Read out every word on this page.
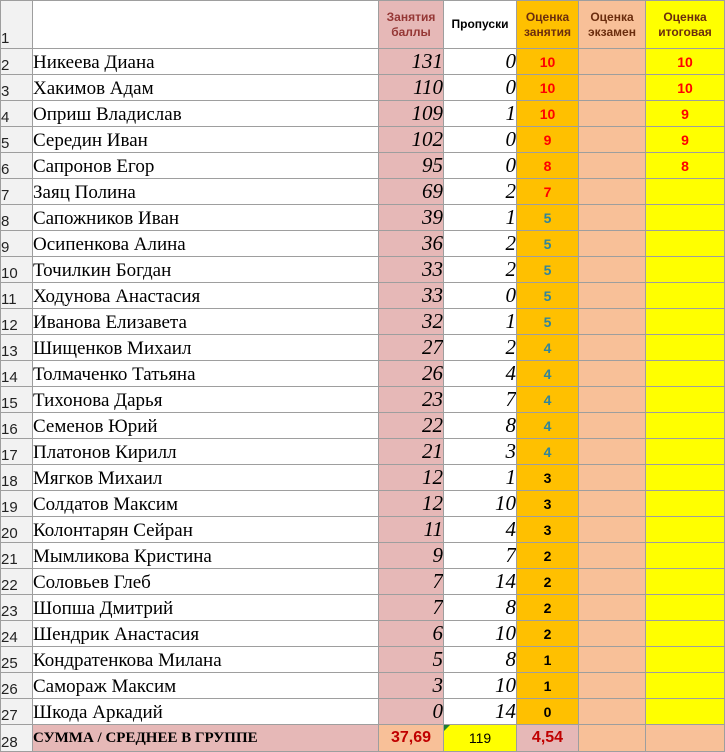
1		Занятия баллы	Пропуски	Оценка занятия	Оценка экзамен	Оценка итоговая
2	Никеева Диана	131	0	10		10
3	Хакимов Адам	110	0	10		10
4	Оприш Владислав	109	1	10		9
5	Середин Иван	102	0	9		9
6	Сапронов Егор	95	0	8		8
7	Заяц Полина	69	2	7		
8	Сапожников Иван	39	1	5		
9	Осипенкова Алина	36	2	5		
10	Точилкин Богдан	33	2	5		
11	Ходунова Анастасия	33	0	5		
12	Иванова Елизавета	32	1	5		
13	Шищенков Михаил	27	2	4		
14	Толмаченко Татьяна	26	4	4		
15	Тихонова Дарья	23	7	4		
16	Семенов Юрий	22	8	4		
17	Платонов Кирилл	21	3	4		
18	Мягков Михаил	12	1	3		
19	Солдатов Максим	12	10	3		
20	Колонтарян Сейран	11	4	3		
21	Мымликова Кристина	9	7	2		
22	Соловьев Глеб	7	14	2		
23	Шопша Дмитрий	7	8	2		
24	Шендрик Анастасия	6	10	2		
25	Кондратенкова Милана	5	8	1		
26	Самораж Максим	3	10	1		
27	Шкода Аркадий	0	14	0		
28	СУММА / СРЕДНЕЕ В ГРУППЕ	37,69	119	4,54		
